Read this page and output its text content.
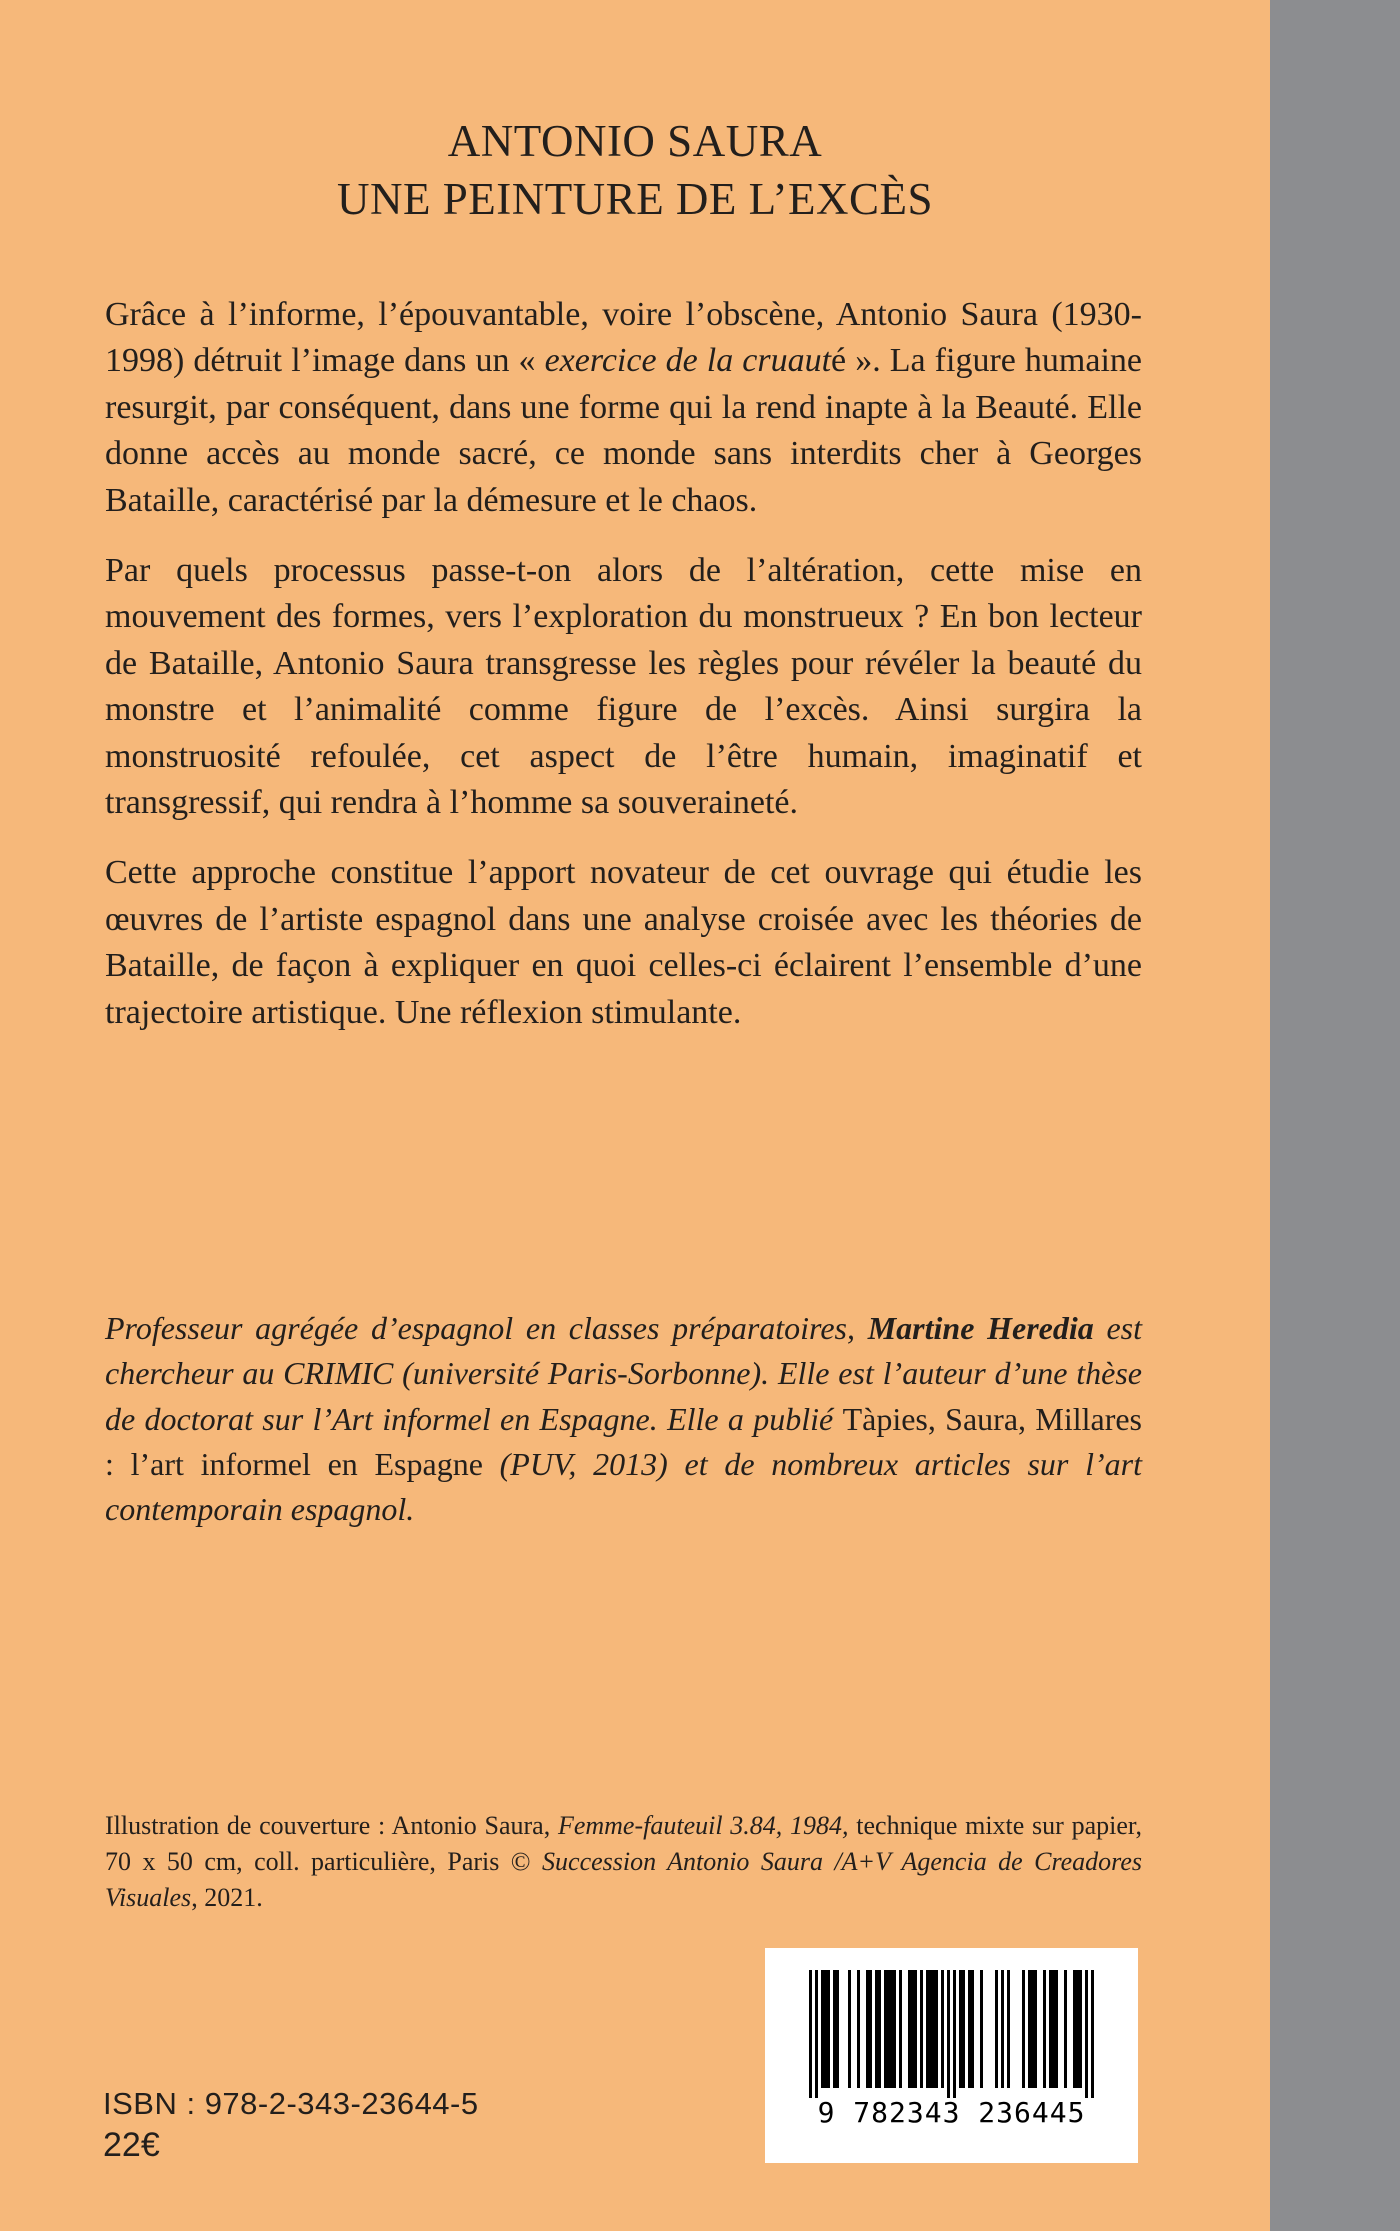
ANTONIO SAURA
UNE PEINTURE DE L’EXCÈS

Grâce à l’informe, l’épouvantable, voire l’obscène, Antonio Saura (1930-1998) détruit l’image dans un « exercice de la cruauté ». La figure humaine resurgit, par conséquent, dans une forme qui la rend inapte à la Beauté. Elle donne accès au monde sacré, ce monde sans interdits cher à Georges Bataille, caractérisé par la démesure et le chaos.

Par quels processus passe-t-on alors de l’altération, cette mise en mouvement des formes, vers l’exploration du monstrueux ? En bon lecteur de Bataille, Antonio Saura transgresse les règles pour révéler la beauté du monstre et l’animalité comme figure de l’excès. Ainsi surgira la monstruosité refoulée, cet aspect de l’être humain, imaginatif et transgressif, qui rendra à l’homme sa souveraineté.

Cette approche constitue l’apport novateur de cet ouvrage qui étudie les œuvres de l’artiste espagnol dans une analyse croisée avec les théories de Bataille, de façon à expliquer en quoi celles-ci éclairent l’ensemble d’une trajectoire artistique. Une réflexion stimulante.

Professeur agrégée d’espagnol en classes préparatoires, Martine Heredia est chercheur au CRIMIC (université Paris-Sorbonne). Elle est l’auteur d’une thèse de doctorat sur l’Art informel en Espagne. Elle a publié Tàpies, Saura, Millares : l’art informel en Espagne (PUV, 2013) et de nombreux articles sur l’art contemporain espagnol.

Illustration de couverture : Antonio Saura, Femme-fauteuil 3.84, 1984, technique mixte sur papier, 70 x 50 cm, coll. particulière, Paris © Succession Antonio Saura /A+V Agencia de Creadores Visuales, 2021.

9 782343 236445
ISBN : 978-2-343-23644-5
22€
